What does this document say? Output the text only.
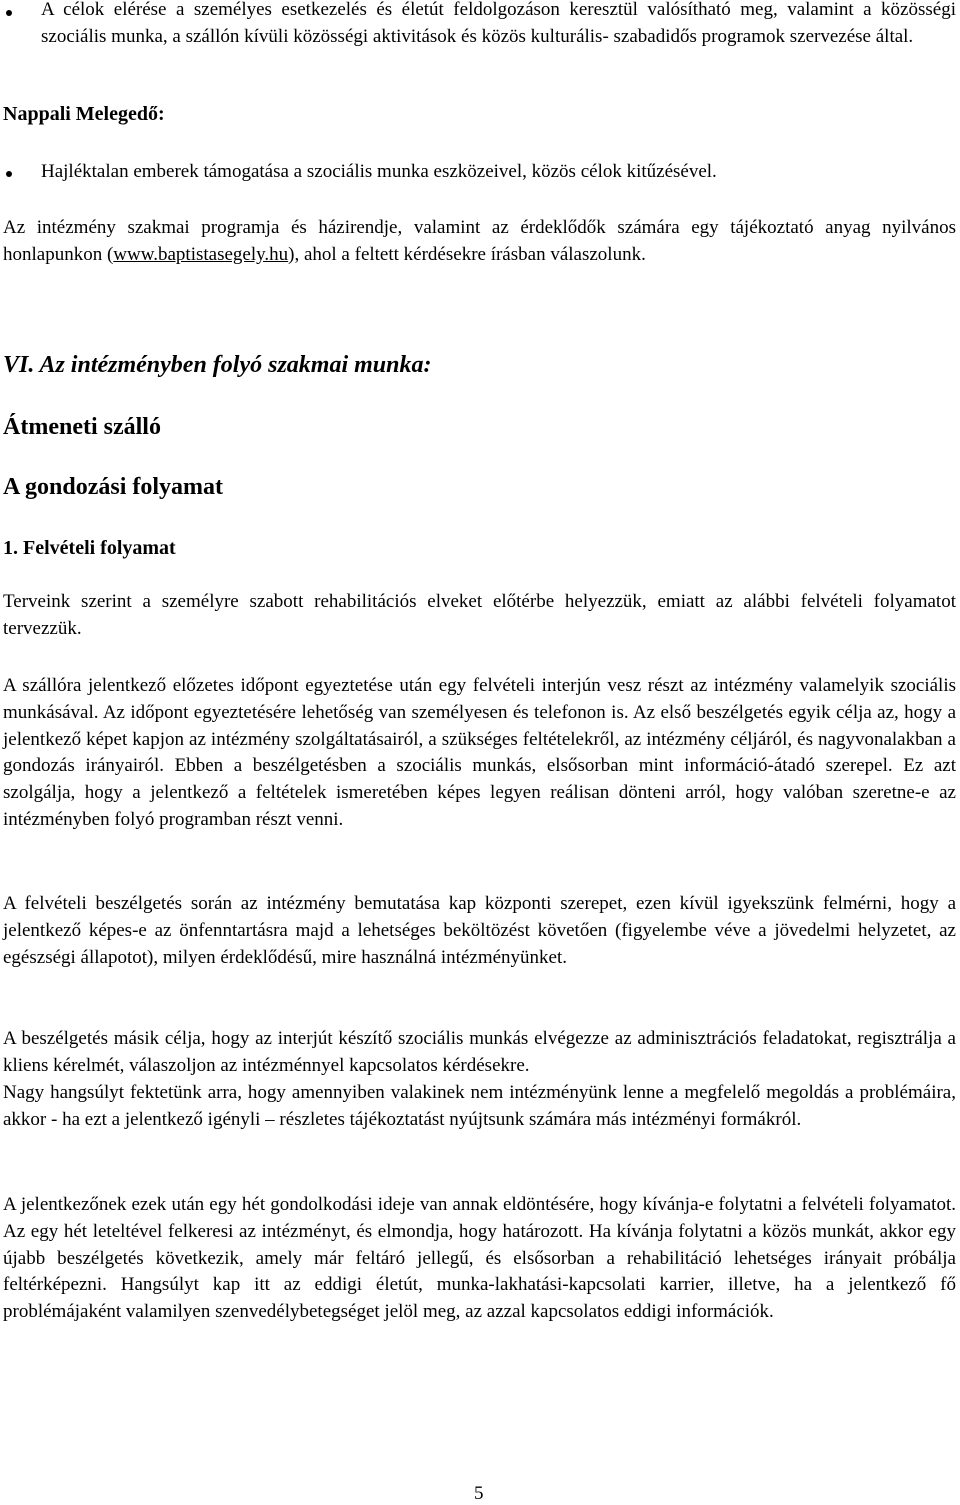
A célok elérése a személyes esetkezelés és életút feldolgozáson keresztül valósítható meg, valamint a közösségi szociális munka, a szállón kívüli közösségi aktivitások és közös kulturális- szabadidős programok szervezése által.

Nappali Melegedő:

Hajléktalan emberek támogatása a szociális munka eszközeivel, közös célok kitűzésével.

Az intézmény szakmai programja és házirendje, valamint az érdeklődők számára egy tájékoztató anyag nyilvános honlapunkon (www.baptistasegely.hu), ahol a feltett kérdésekre írásban válaszolunk.

VI. Az intézményben folyó szakmai munka:

Átmeneti szálló

A gondozási folyamat

1. Felvételi folyamat

Terveink szerint a személyre szabott rehabilitációs elveket előtérbe helyezzük, emiatt az alábbi felvételi folyamatot tervezzük.

A szállóra jelentkező előzetes időpont egyeztetése után egy felvételi interjún vesz részt az intézmény valamelyik szociális munkásával. Az időpont egyeztetésére lehetőség van személyesen és telefonon is. Az első beszélgetés egyik célja az, hogy a jelentkező képet kapjon az intézmény szolgáltatásairól, a szükséges feltételekről, az intézmény céljáról, és nagyvonalakban a gondozás irányairól. Ebben a beszélgetésben a szociális munkás, elsősorban mint információ-átadó szerepel. Ez azt szolgálja, hogy a jelentkező a feltételek ismeretében képes legyen reálisan dönteni arról, hogy valóban szeretne-e az intézményben folyó programban részt venni.

A felvételi beszélgetés során az intézmény bemutatása kap központi szerepet, ezen kívül igyekszünk felmérni, hogy a jelentkező képes-e az önfenntartásra majd a lehetséges beköltözést követően (figyelembe véve a jövedelmi helyzetet, az egészségi állapotot), milyen érdeklődésű, mire használná intézményünket.

A beszélgetés másik célja, hogy az interjút készítő szociális munkás elvégezze az adminisztrációs feladatokat, regisztrálja a kliens kérelmét, válaszoljon az intézménnyel kapcsolatos kérdésekre.

Nagy hangsúlyt fektetünk arra, hogy amennyiben valakinek nem intézményünk lenne a megfelelő megoldás a problémáira, akkor - ha ezt a jelentkező igényli – részletes tájékoztatást nyújtsunk számára más intézményi formákról.

A jelentkezőnek ezek után egy hét gondolkodási ideje van annak eldöntésére, hogy kívánja-e folytatni a felvételi folyamatot. Az egy hét leteltével felkeresi az intézményt, és elmondja, hogy határozott. Ha kívánja folytatni a közös munkát, akkor egy újabb beszélgetés következik, amely már feltáró jellegű, és elsősorban a rehabilitáció lehetséges irányait próbálja feltérképezni. Hangsúlyt kap itt az eddigi életút, munka-lakhatási-kapcsolati karrier, illetve, ha a jelentkező fő problémájaként valamilyen szenvedélybetegséget jelöl meg, az azzal kapcsolatos eddigi információk.

5
